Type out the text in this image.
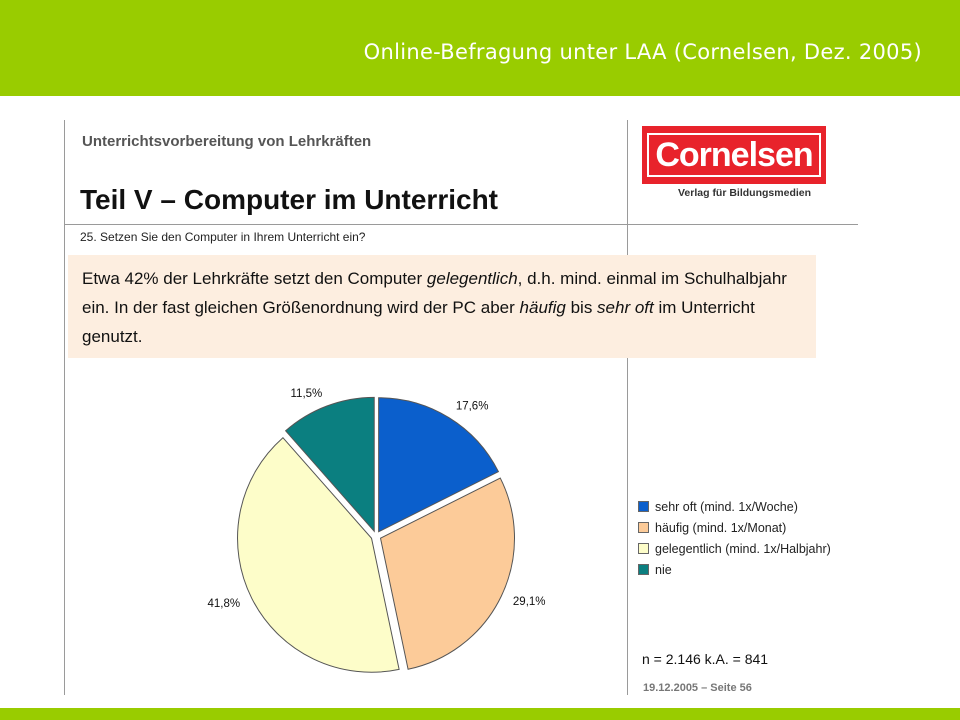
Online-Befragung unter LAA (Cornelsen, Dez. 2005)
Unterrichtsvorbereitung von Lehrkräften
Teil V – Computer im Unterricht
25. Setzen Sie den Computer in Ihrem Unterricht ein?
Cornelsen
Verlag für Bildungsmedien

Etwa 42% der Lehrkräfte setzt den Computer gelegentlich, d.h. mind. einmal im Schulhalbjahr ein. In der fast gleichen Größenordnung wird der PC aber häufig bis sehr oft im Unterricht genutzt.

17,6%
29,1%
41,8%
11,5%
sehr oft (mind. 1x/Woche)
häufig (mind. 1x/Monat)
gelegentlich (mind. 1x/Halbjahr)
nie
n = 2.146 k.A. = 841
19.12.2005 – Seite 56
